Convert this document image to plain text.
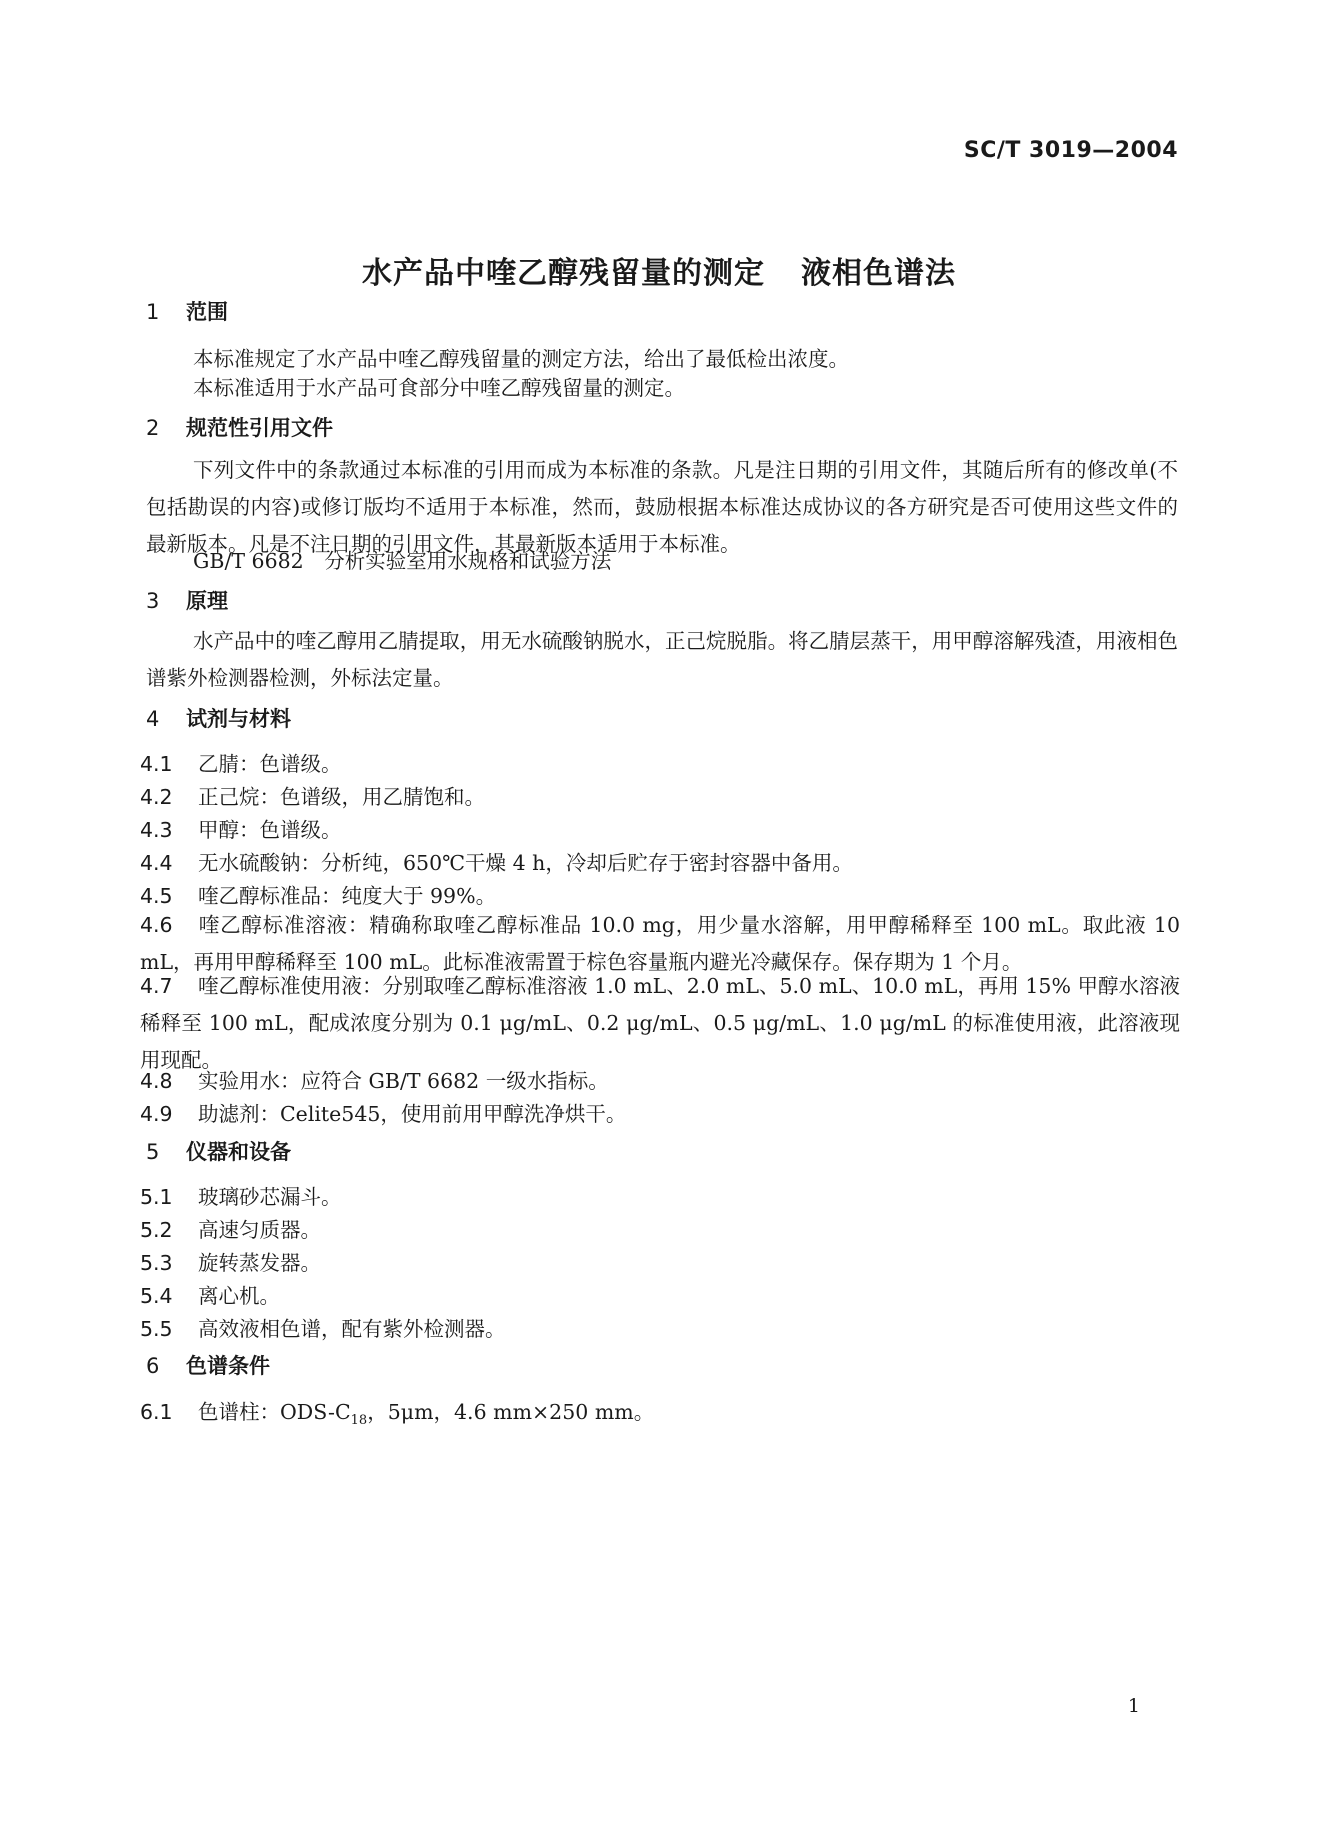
SC/T 3019—2004
水产品中喹乙醇残留量的测定 液相色谱法
1 范围
本标准规定了水产品中喹乙醇残留量的测定方法，给出了最低检出浓度。
本标准适用于水产品可食部分中喹乙醇残留量的测定。
2 规范性引用文件
下列文件中的条款通过本标准的引用而成为本标准的条款。凡是注日期的引用文件，其随后所有的修改单(不包括勘误的内容)或修订版均不适用于本标准，然而，鼓励根据本标准达成协议的各方研究是否可使用这些文件的最新版本。凡是不注日期的引用文件，其最新版本适用于本标准。
GB/T 6682　分析实验室用水规格和试验方法
3 原理
水产品中的喹乙醇用乙腈提取，用无水硫酸钠脱水，正己烷脱脂。将乙腈层蒸干，用甲醇溶解残渣，用液相色谱紫外检测器检测，外标法定量。
4 试剂与材料
4.1 乙腈：色谱级。
4.2 正己烷：色谱级，用乙腈饱和。
4.3 甲醇：色谱级。
4.4 无水硫酸钠：分析纯，650℃干燥 4 h，冷却后贮存于密封容器中备用。
4.5 喹乙醇标准品：纯度大于 99%。
4.6 喹乙醇标准溶液：精确称取喹乙醇标准品 10.0 mg，用少量水溶解，用甲醇稀释至 100 mL。取此液 10 mL，再用甲醇稀释至 100 mL。此标准液需置于棕色容量瓶内避光冷藏保存。保存期为 1 个月。
4.7 喹乙醇标准使用液：分别取喹乙醇标准溶液 1.0 mL、2.0 mL、5.0 mL、10.0 mL，再用 15% 甲醇水溶液稀释至 100 mL，配成浓度分别为 0.1 μg/mL、0.2 μg/mL、0.5 μg/mL、1.0 μg/mL 的标准使用液，此溶液现用现配。
4.8 实验用水：应符合 GB/T 6682 一级水指标。
4.9 助滤剂：Celite545，使用前用甲醇洗净烘干。
5 仪器和设备
5.1 玻璃砂芯漏斗。
5.2 高速匀质器。
5.3 旋转蒸发器。
5.4 离心机。
5.5 高效液相色谱，配有紫外检测器。
6 色谱条件
6.1 色谱柱：ODS-$C_{18}$，5μm，4.6 mm×250 mm。
1
